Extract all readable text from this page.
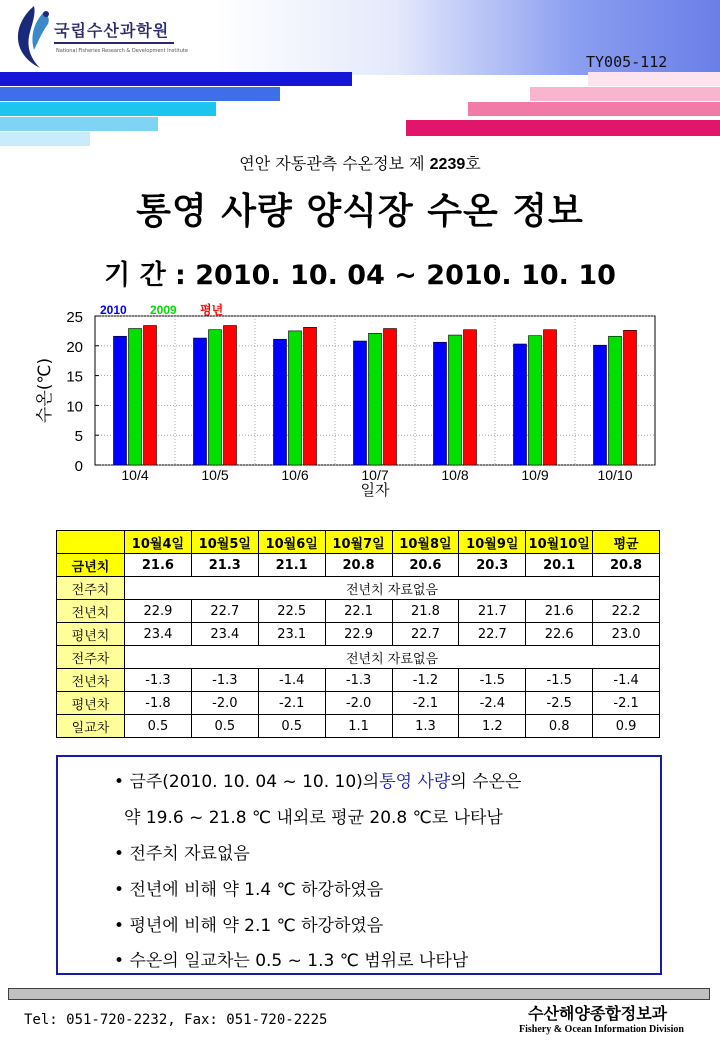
국립수산과학원
National Fisheries Research & Development Institute
TY005-112
연안 자동관측 수온정보 제 2239호
통영 사량 양식장 수온 정보
기 간 : 2010. 10. 04 ~ 2010. 10. 10
0
5
10
15
20
25
10/4	10/5	10/6	10/7	10/8	10/9	10/10
일자
수온(℃)
2010 2009 평년
	10월4일	10월5일	10월6일	10월7일	10월8일	10월9일	10월10일	평균
금년치	21.6	21.3	21.1	20.8	20.6	20.3	20.1	20.8
전주치	전년치 자료없음							
전년치	22.9	22.7	22.5	22.1	21.8	21.7	21.6	22.2
평년치	23.4	23.4	23.1	22.9	22.7	22.7	22.6	23.0
전주차	전년치 자료없음							
전년차	-1.3	-1.3	-1.4	-1.3	-1.2	-1.5	-1.5	-1.4
평년차	-1.8	-2.0	-2.1	-2.0	-2.1	-2.4	-2.5	-2.1
일교차	0.5	0.5	0.5	1.1	1.3	1.2	0.8	0.9
• 금주(2010. 10. 04 ~ 10. 10)의통영 사량의 수온은
약 19.6 ~ 21.8 ℃ 내외로 평균 20.8 ℃로 나타남
• 전주치 자료없음
• 전년에 비해 약 1.4 ℃ 하강하였음
• 평년에 비해 약 2.1 ℃ 하강하였음
• 수온의 일교차는 0.5 ~ 1.3 ℃ 범위로 나타남
Tel: 051-720-2232, Fax: 051-720-2225	수산해양종합정보과
Fishery & Ocean Information Division
